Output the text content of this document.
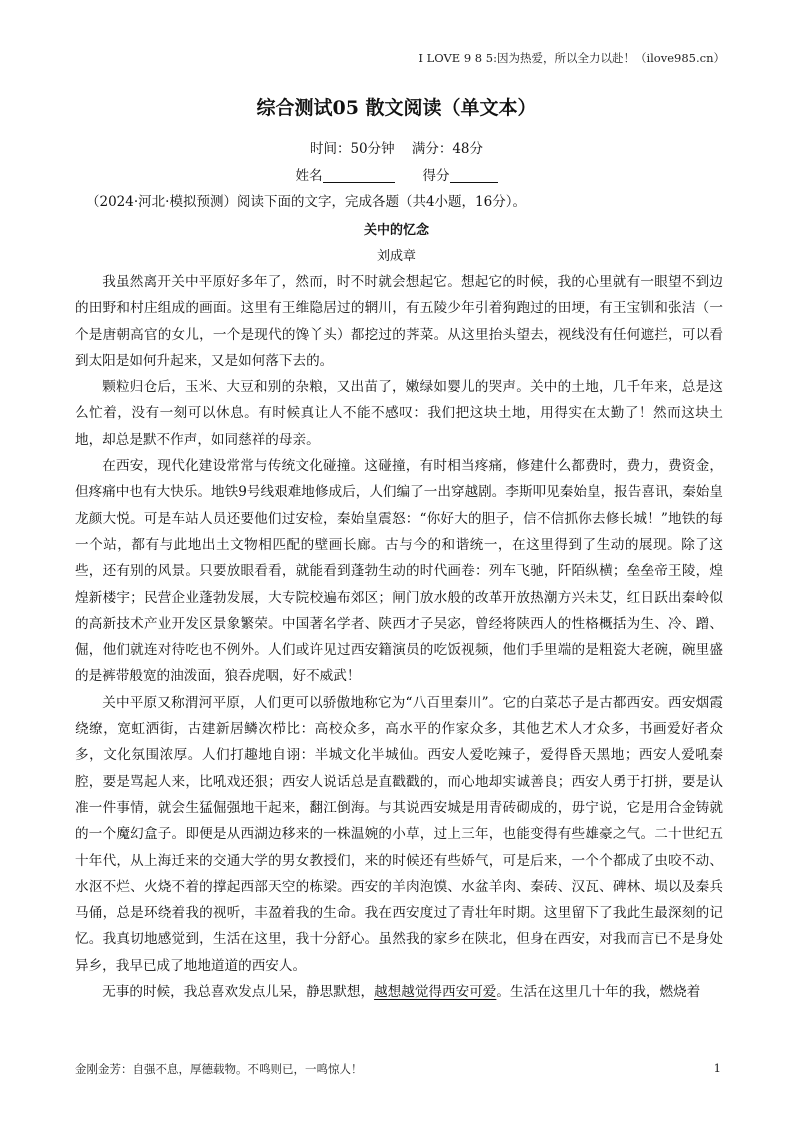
I LOVE 9 8 5:因为热爱，所以全力以赴！（ilove985.cn）
综合测试05 散文阅读（单文本）
时间：50分钟 满分：48分
姓名	得分
（2024·河北·模拟预测）阅读下面的文字，完成各题（共4小题，16分）。
关中的忆念
刘成章

我虽然离开关中平原好多年了，然而，时不时就会想起它。想起它的时候，我的心里就有一眼望不到边的田野和村庄组成的画面。这里有王维隐居过的辋川，有五陵少年引着狗跑过的田埂，有王宝钏和张洁（一个是唐朝高官的女儿，一个是现代的馋丫头）都挖过的荠菜。从这里抬头望去，视线没有任何遮拦，可以看到太阳是如何升起来，又是如何落下去的。

颗粒归仓后，玉米、大豆和别的杂粮，又出苗了，嫩绿如婴儿的哭声。关中的土地，几千年来，总是这么忙着，没有一刻可以休息。有时候真让人不能不感叹：我们把这块土地，用得实在太勤了！然而这块土地，却总是默不作声，如同慈祥的母亲。

在西安，现代化建设常常与传统文化碰撞。这碰撞，有时相当疼痛，修建什么都费时，费力，费资金，但疼痛中也有大快乐。地铁9号线艰难地修成后，人们编了一出穿越剧。李斯叩见秦始皇，报告喜讯，秦始皇龙颜大悦。可是车站人员还要他们过安检，秦始皇震怒：“你好大的胆子，信不信抓你去修长城！”地铁的每一个站，都有与此地出土文物相匹配的壁画长廊。古与今的和谐统一，在这里得到了生动的展现。除了这些，还有别的风景。只要放眼看看，就能看到蓬勃生动的时代画卷：列车飞驰，阡陌纵横；垒垒帝王陵，煌煌新楼宇；民营企业蓬勃发展，大专院校遍布郊区；闸门放水般的改革开放热潮方兴未艾，红日跃出秦岭似的高新技术产业开发区景象繁荣。中国著名学者、陕西才子吴宓，曾经将陕西人的性格概括为生、冷、蹭、倔，他们就连对待吃也不例外。人们或许见过西安籍演员的吃饭视频，他们手里端的是粗瓷大老碗，碗里盛的是裤带般宽的油泼面，狼吞虎咽，好不威武！

关中平原又称渭河平原，人们更可以骄傲地称它为“八百里秦川”。它的白菜芯子是古都西安。西安烟霞绕缭，宽虹洒街，古建新居鳞次栉比：高校众多，高水平的作家众多，其他艺术人才众多，书画爱好者众多，文化氛围浓厚。人们打趣地自诩：半城文化半城仙。西安人爱吃辣子，爱得昏天黑地；西安人爱吼秦腔，要是骂起人来，比吼戏还狠；西安人说话总是直戳戳的，而心地却实诚善良；西安人勇于打拼，要是认准一件事情，就会生猛倔强地干起来，翻江倒海。与其说西安城是用青砖砌成的，毋宁说，它是用合金铸就的一个魔幻盒子。即便是从西湖边移来的一株温婉的小草，过上三年，也能变得有些雄豪之气。二十世纪五十年代，从上海迁来的交通大学的男女教授们，来的时候还有些娇气，可是后来，一个个都成了虫咬不动、水沤不烂、火烧不着的撑起西部天空的栋梁。西安的羊肉泡馍、水盆羊肉、秦砖、汉瓦、碑林、埙以及秦兵马俑，总是环绕着我的视听，丰盈着我的生命。我在西安度过了青壮年时期。这里留下了我此生最深刻的记忆。我真切地感觉到，生活在这里，我十分舒心。虽然我的家乡在陕北，但身在西安，对我而言已不是身处异乡，我早已成了地地道道的西安人。

无事的时候，我总喜欢发点儿呆，静思默想，越想越觉得西安可爱。生活在这里几十年的我，燃烧着

金刚金芳：自强不息，厚德载物。不鸣则已，一鸣惊人！	1
